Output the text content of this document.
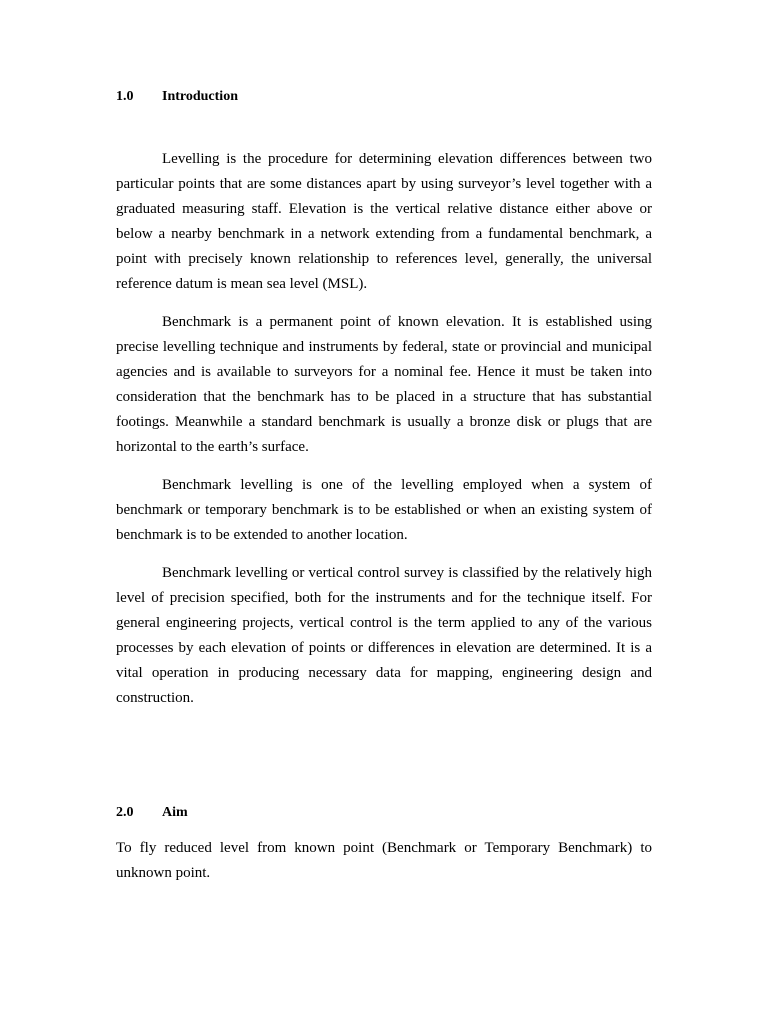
1.0 Introduction

Levelling is the procedure for determining elevation differences between two particular points that are some distances apart by using surveyor’s level together with a graduated measuring staff. Elevation is the vertical relative distance either above or below a nearby benchmark in a network extending from a fundamental benchmark, a point with precisely known relationship to references level, generally, the universal reference datum is mean sea level (MSL).

Benchmark is a permanent point of known elevation. It is established using precise levelling technique and instruments by federal, state or provincial and municipal agencies and is available to surveyors for a nominal fee. Hence it must be taken into consideration that the benchmark has to be placed in a structure that has substantial footings. Meanwhile a standard benchmark is usually a bronze disk or plugs that are horizontal to the earth’s surface.

Benchmark levelling is one of the levelling employed when a system of benchmark or temporary benchmark is to be established or when an existing system of benchmark is to be extended to another location.

Benchmark levelling or vertical control survey is classified by the relatively high level of precision specified, both for the instruments and for the technique itself. For general engineering projects, vertical control is the term applied to any of the various processes by each elevation of points or differences in elevation are determined. It is a vital operation in producing necessary data for mapping, engineering design and construction.

2.0 Aim

To fly reduced level from known point (Benchmark or Temporary Benchmark) to unknown point.
